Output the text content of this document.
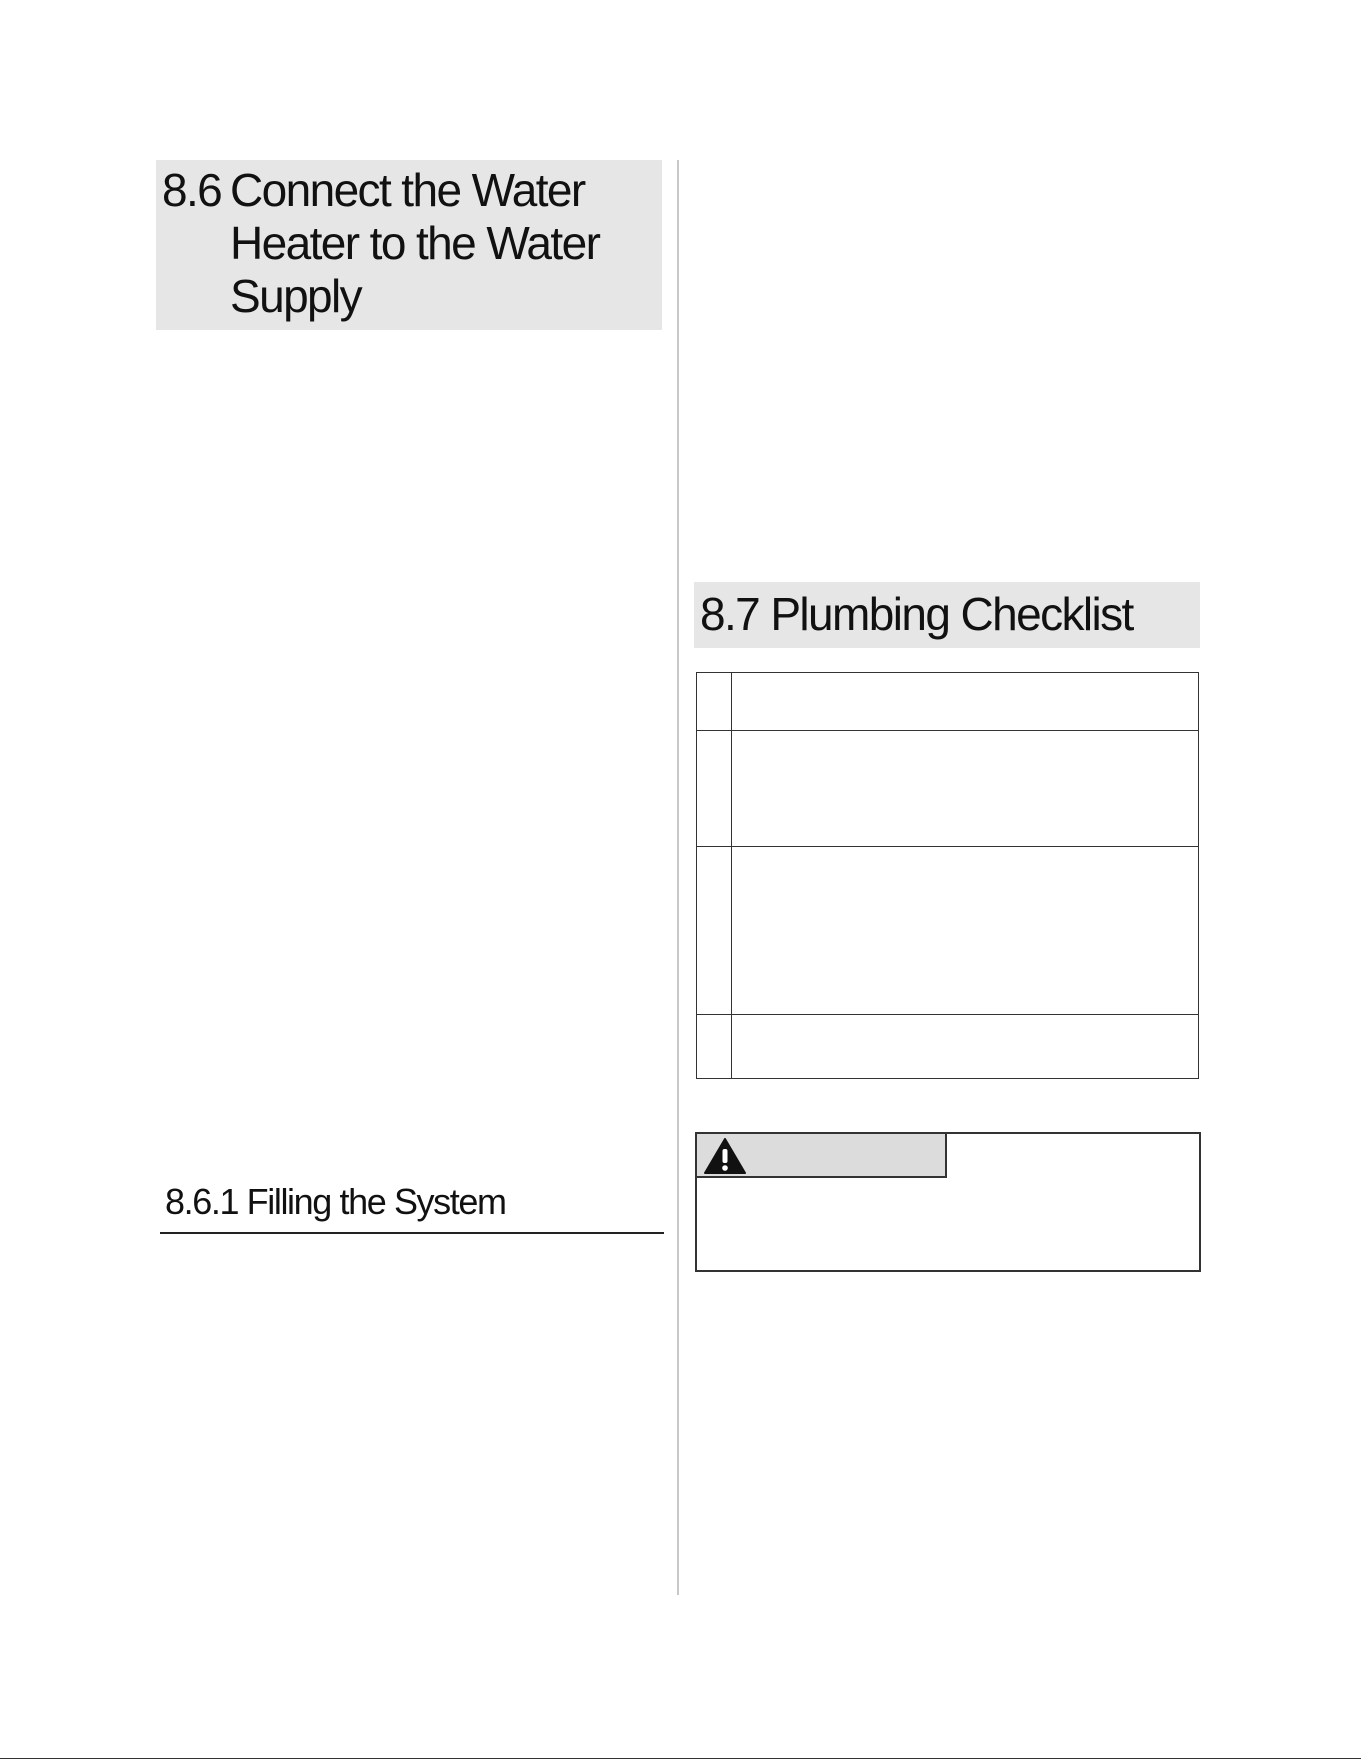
8.6 Connect the Water
Heater to the Water
Supply
8.6.1 Filling the System
8.7 Plumbing Checklist
